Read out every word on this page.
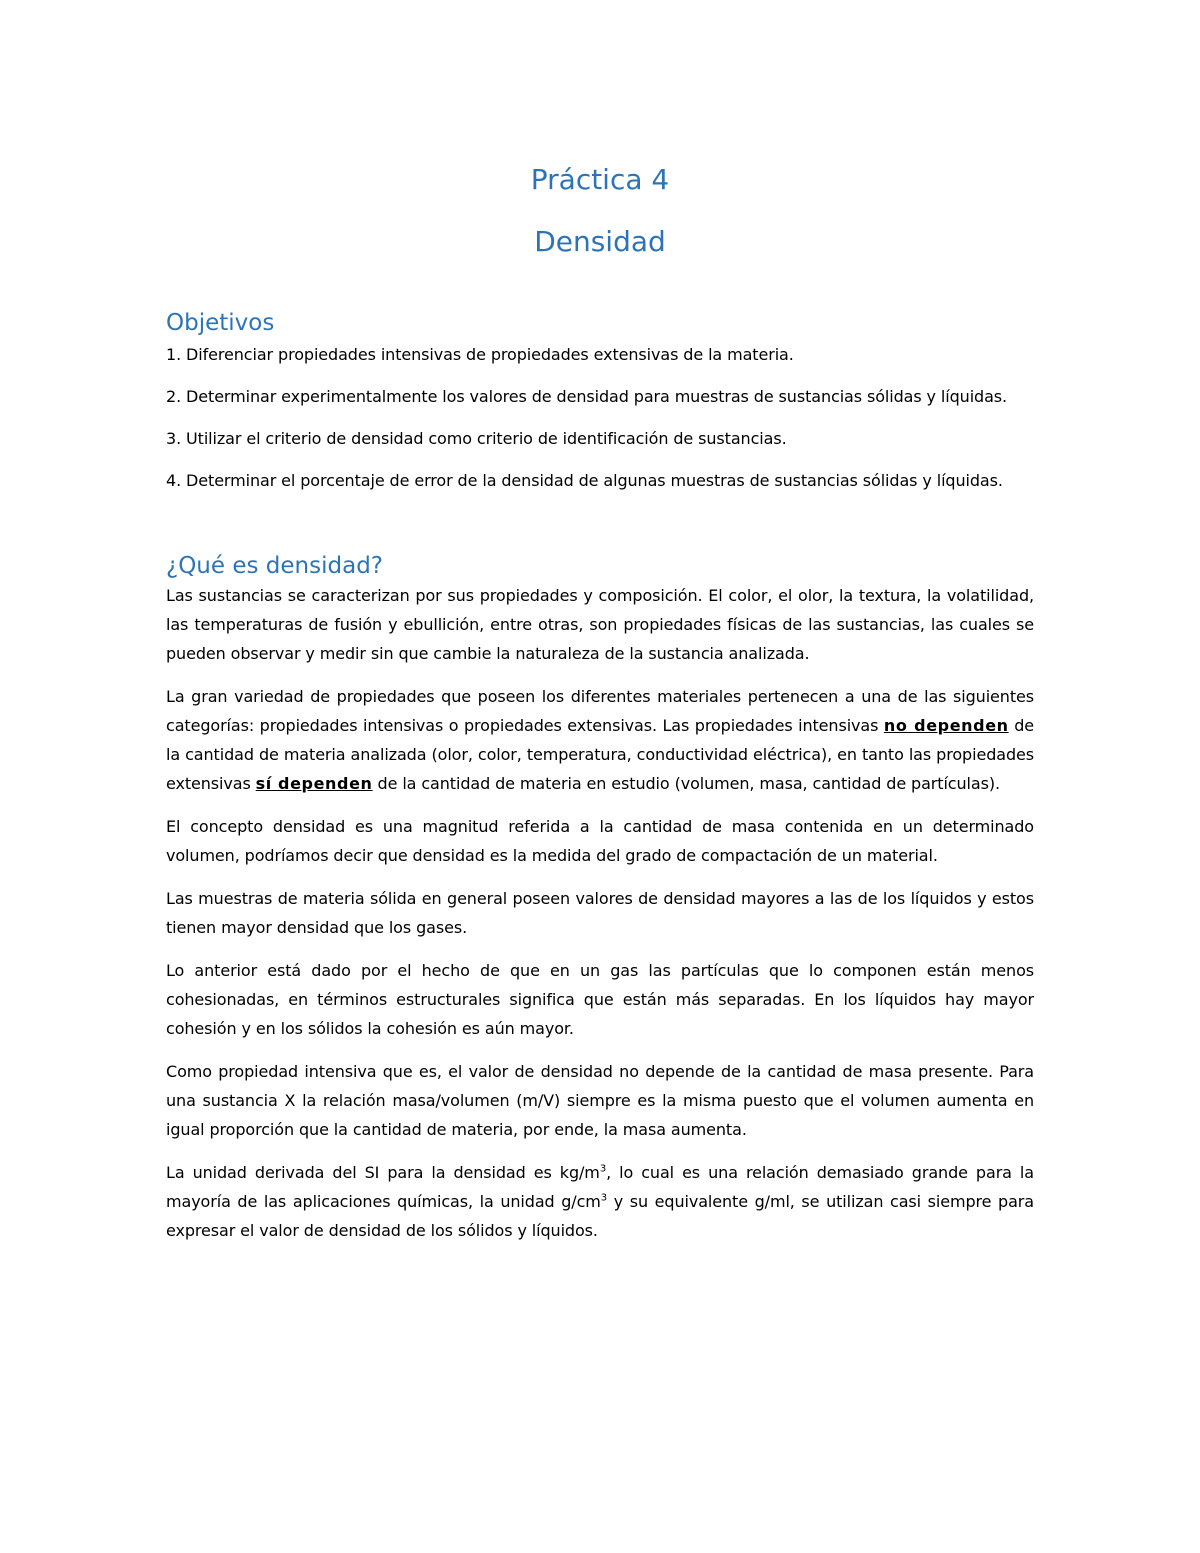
Práctica 4
Densidad
Objetivos

1. Diferenciar propiedades intensivas de propiedades extensivas de la materia.

2. Determinar experimentalmente los valores de densidad para muestras de sustancias sólidas y líquidas.

3. Utilizar el criterio de densidad como criterio de identificación de sustancias.

4. Determinar el porcentaje de error de la densidad de algunas muestras de sustancias sólidas y líquidas.

¿Qué es densidad?

Las sustancias se caracterizan por sus propiedades y composición. El color, el olor, la textura, la volatilidad, las temperaturas de fusión y ebullición, entre otras, son propiedades físicas de las sustancias, las cuales se pueden observar y medir sin que cambie la naturaleza de la sustancia analizada.

La gran variedad de propiedades que poseen los diferentes materiales pertenecen a una de las siguientes categorías: propiedades intensivas o propiedades extensivas. Las propiedades intensivas no dependen de la cantidad de materia analizada (olor, color, temperatura, conductividad eléctrica), en tanto las propiedades extensivas sí dependen de la cantidad de materia en estudio (volumen, masa, cantidad de partículas).

El concepto densidad es una magnitud referida a la cantidad de masa contenida en un determinado volumen, podríamos decir que densidad es la medida del grado de compactación de un material.

Las muestras de materia sólida en general poseen valores de densidad mayores a las de los líquidos y estos tienen mayor densidad que los gases.

Lo anterior está dado por el hecho de que en un gas las partículas que lo componen están menos cohesionadas, en términos estructurales significa que están más separadas. En los líquidos hay mayor cohesión y en los sólidos la cohesión es aún mayor.

Como propiedad intensiva que es, el valor de densidad no depende de la cantidad de masa presente. Para una sustancia X la relación masa/volumen (m/V) siempre es la misma puesto que el volumen aumenta en igual proporción que la cantidad de materia, por ende, la masa aumenta.

La unidad derivada del SI para la densidad es $kg/m^3$, lo cual es una relación demasiado grande para la mayoría de las aplicaciones químicas, la unidad $g/cm^3$ y su equivalente g/ml, se utilizan casi siempre para expresar el valor de densidad de los sólidos y líquidos.
